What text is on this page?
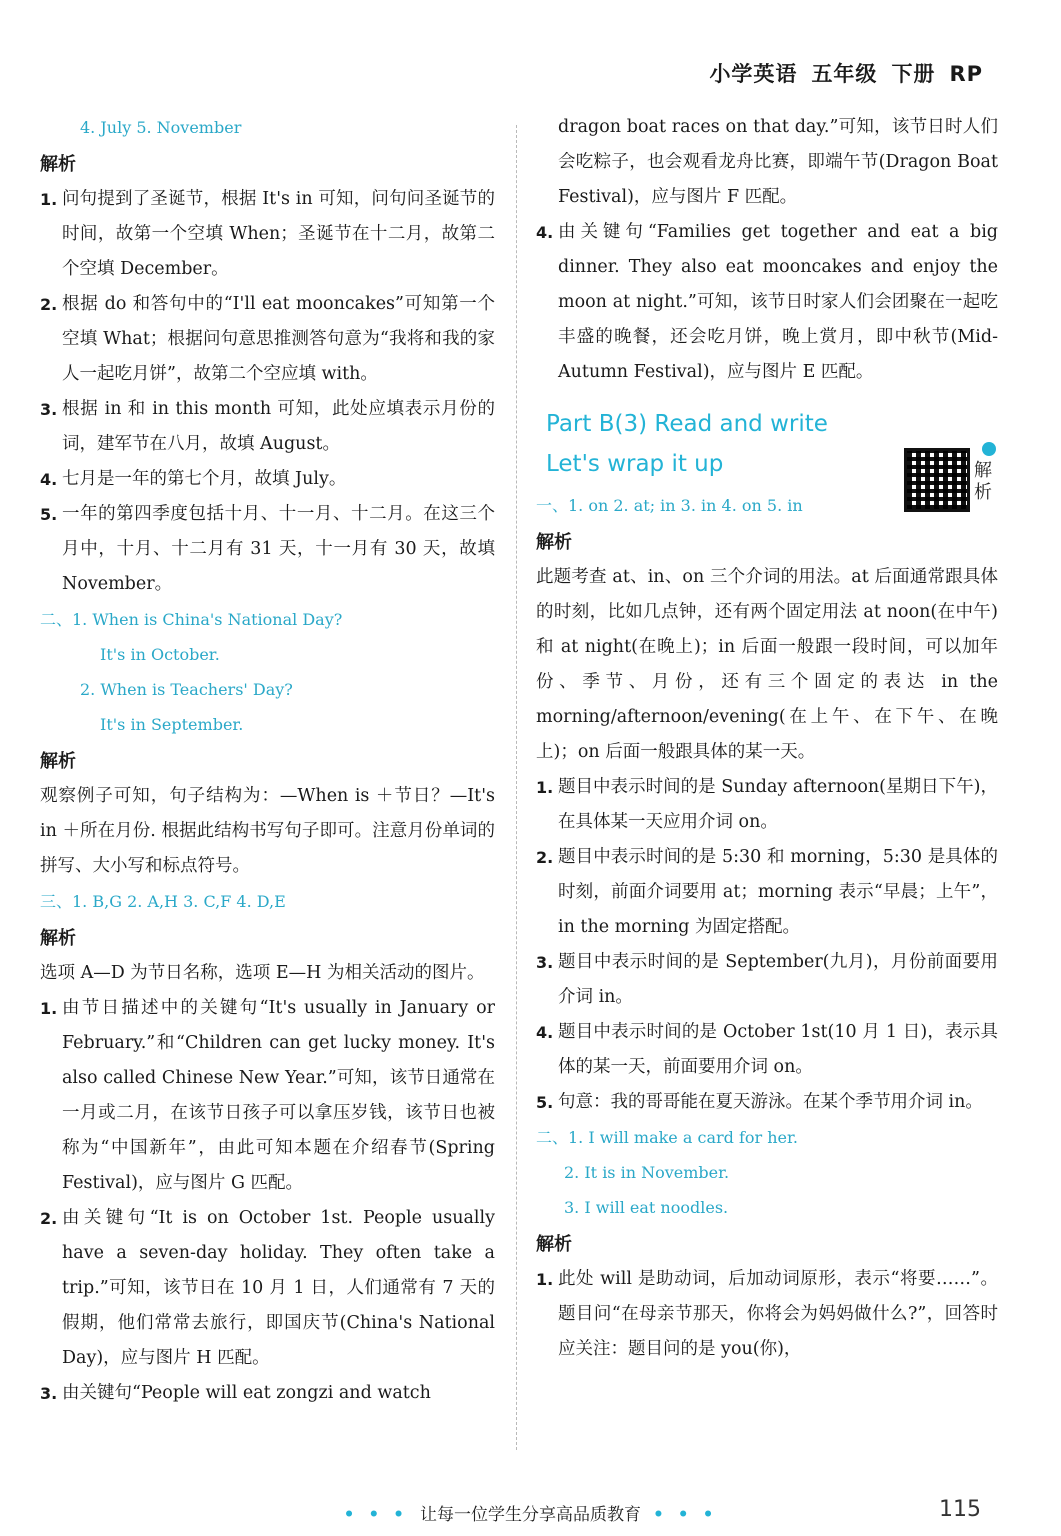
小学英语 五年级 下册 RP
4. July 5. November
解析

1. 问句提到了圣诞节，根据 It's in 可知，问句问圣诞节的时间，故第一个空填 When；圣诞节在十二月，故第二个空填 December。

2. 根据 do 和答句中的“I'll eat mooncakes”可知第一个空填 What；根据问句意思推测答句意为“我将和我的家人一起吃月饼”，故第二个空应填 with。

3. 根据 in 和 in this month 可知，此处应填表示月份的词，建军节在八月，故填 August。

4. 七月是一年的第七个月，故填 July。

5. 一年的第四季度包括十月、十一月、十二月。在这三个月中，十月、十二月有 31 天，十一月有 30 天，故填 November。

二、1. When is China's National Day?
It's in October.
2. When is Teachers' Day?
It's in September.
解析

观察例子可知，句子结构为：—When is ＋节日？—It's in ＋所在月份. 根据此结构书写句子即可。注意月份单词的拼写、大小写和标点符号。

三、1. B,G 2. A,H 3. C,F 4. D,E
解析

选项 A—D 为节日名称，选项 E—H 为相关活动的图片。

1. 由节日描述中的关键句“It's usually in January or February.”和“Children can get lucky money. It's also called Chinese New Year.”可知，该节日通常在一月或二月，在该节日孩子可以拿压岁钱，该节日也被称为“中国新年”，由此可知本题在介绍春节(Spring Festival)，应与图片 G 匹配。

2. 由关键句“It is on October 1st. People usually have a seven-day holiday. They often take a trip.”可知，该节日在 10 月 1 日，人们通常有 7 天的假期，他们常常去旅行，即国庆节(China's National Day)，应与图片 H 匹配。

3. 由关键句“People will eat zongzi and watch

dragon boat races on that day.”可知，该节日时人们会吃粽子，也会观看龙舟比赛，即端午节(Dragon Boat Festival)，应与图片 F 匹配。

4. 由关键句“Families get together and eat a big dinner. They also eat mooncakes and enjoy the moon at night.”可知，该节日时家人们会团聚在一起吃丰盛的晚餐，还会吃月饼，晚上赏月，即中秋节(Mid-Autumn Festival)，应与图片 E 匹配。

Part B(3) Read and write
Let's wrap it up	解析
一、1. on 2. at; in 3. in 4. on 5. in
解析

此题考查 at、in、on 三个介词的用法。at 后面通常跟具体的时刻，比如几点钟，还有两个固定用法 at noon(在中午)和 at night(在晚上)；in 后面一般跟一段时间，可以加年份、季节、月份，还有三个固定的表达 in the morning/afternoon/evening(在上午、在下午、在晚上)；on 后面一般跟具体的某一天。

1. 题目中表示时间的是 Sunday afternoon(星期日下午)，在具体某一天应用介词 on。

2. 题目中表示时间的是 5:30 和 morning，5:30 是具体的时刻，前面介词要用 at；morning 表示“早晨；上午”，in the morning 为固定搭配。

3. 题目中表示时间的是 September(九月)，月份前面要用介词 in。

4. 题目中表示时间的是 October 1st(10 月 1 日)，表示具体的某一天，前面要用介词 on。

5. 句意：我的哥哥能在夏天游泳。在某个季节用介词 in。

二、1. I will make a card for her.
2. It is in November.
3. I will eat noodles.
解析

1. 此处 will 是助动词，后加动词原形，表示“将要……”。题目问“在母亲节那天，你将会为妈妈做什么?”，回答时应关注：题目问的是 you(你)，

• • • 让每一位学生分享高品质教育 • • •	115
